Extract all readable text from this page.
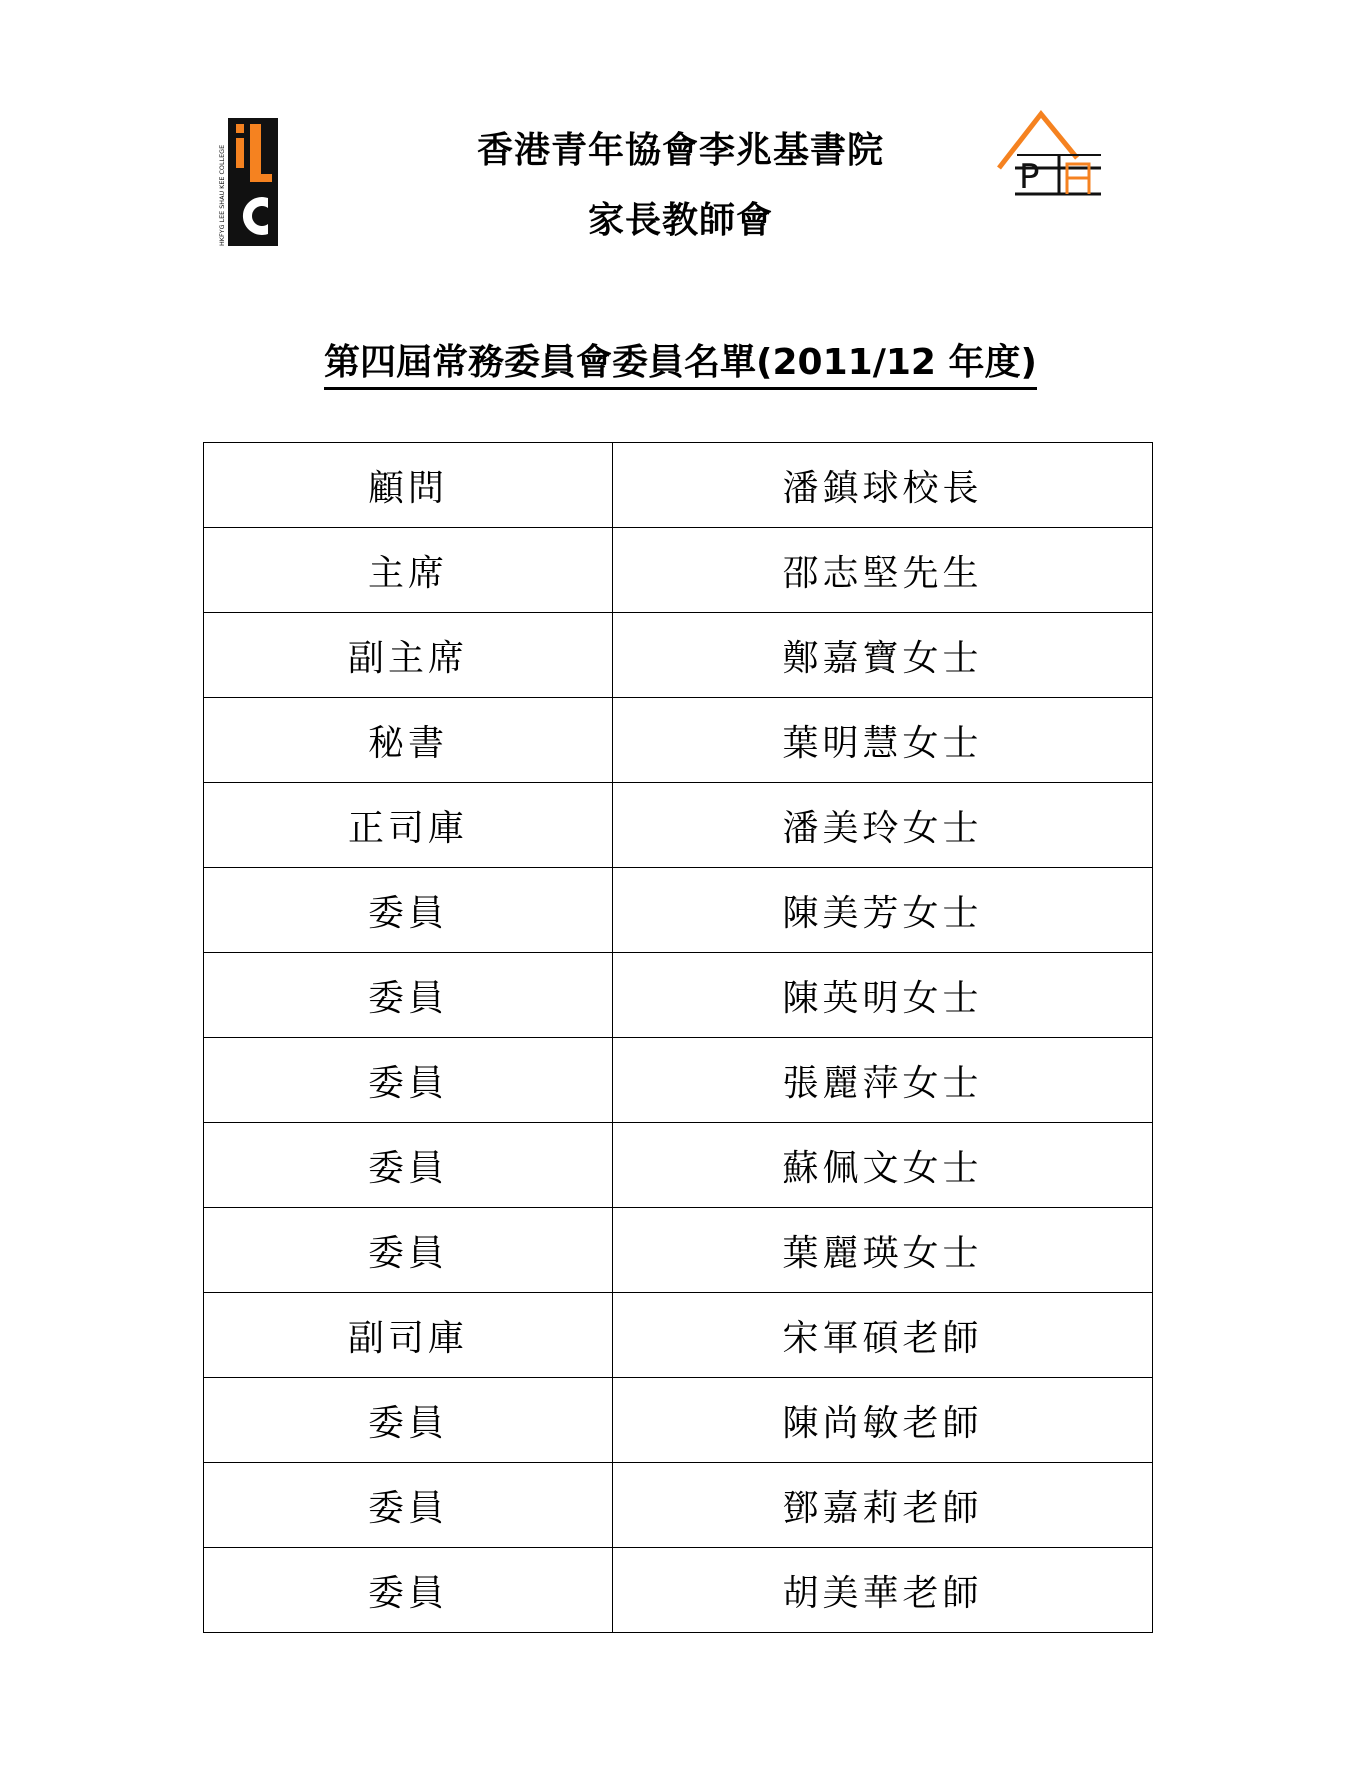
HKFYG LEE SHAU KEE COLLEGE	P
香港青年協會李兆基書院
家長教師會
第四屆常務委員會委員名單(2011/12 年度)
顧問	潘鎮球校長
主席	邵志堅先生
副主席	鄭嘉寶女士
秘書	葉明慧女士
正司庫	潘美玲女士
委員	陳美芳女士
委員	陳英明女士
委員	張麗萍女士
委員	蘇佩文女士
委員	葉麗瑛女士
副司庫	宋軍碩老師
委員	陳尚敏老師
委員	鄧嘉莉老師
委員	胡美華老師
